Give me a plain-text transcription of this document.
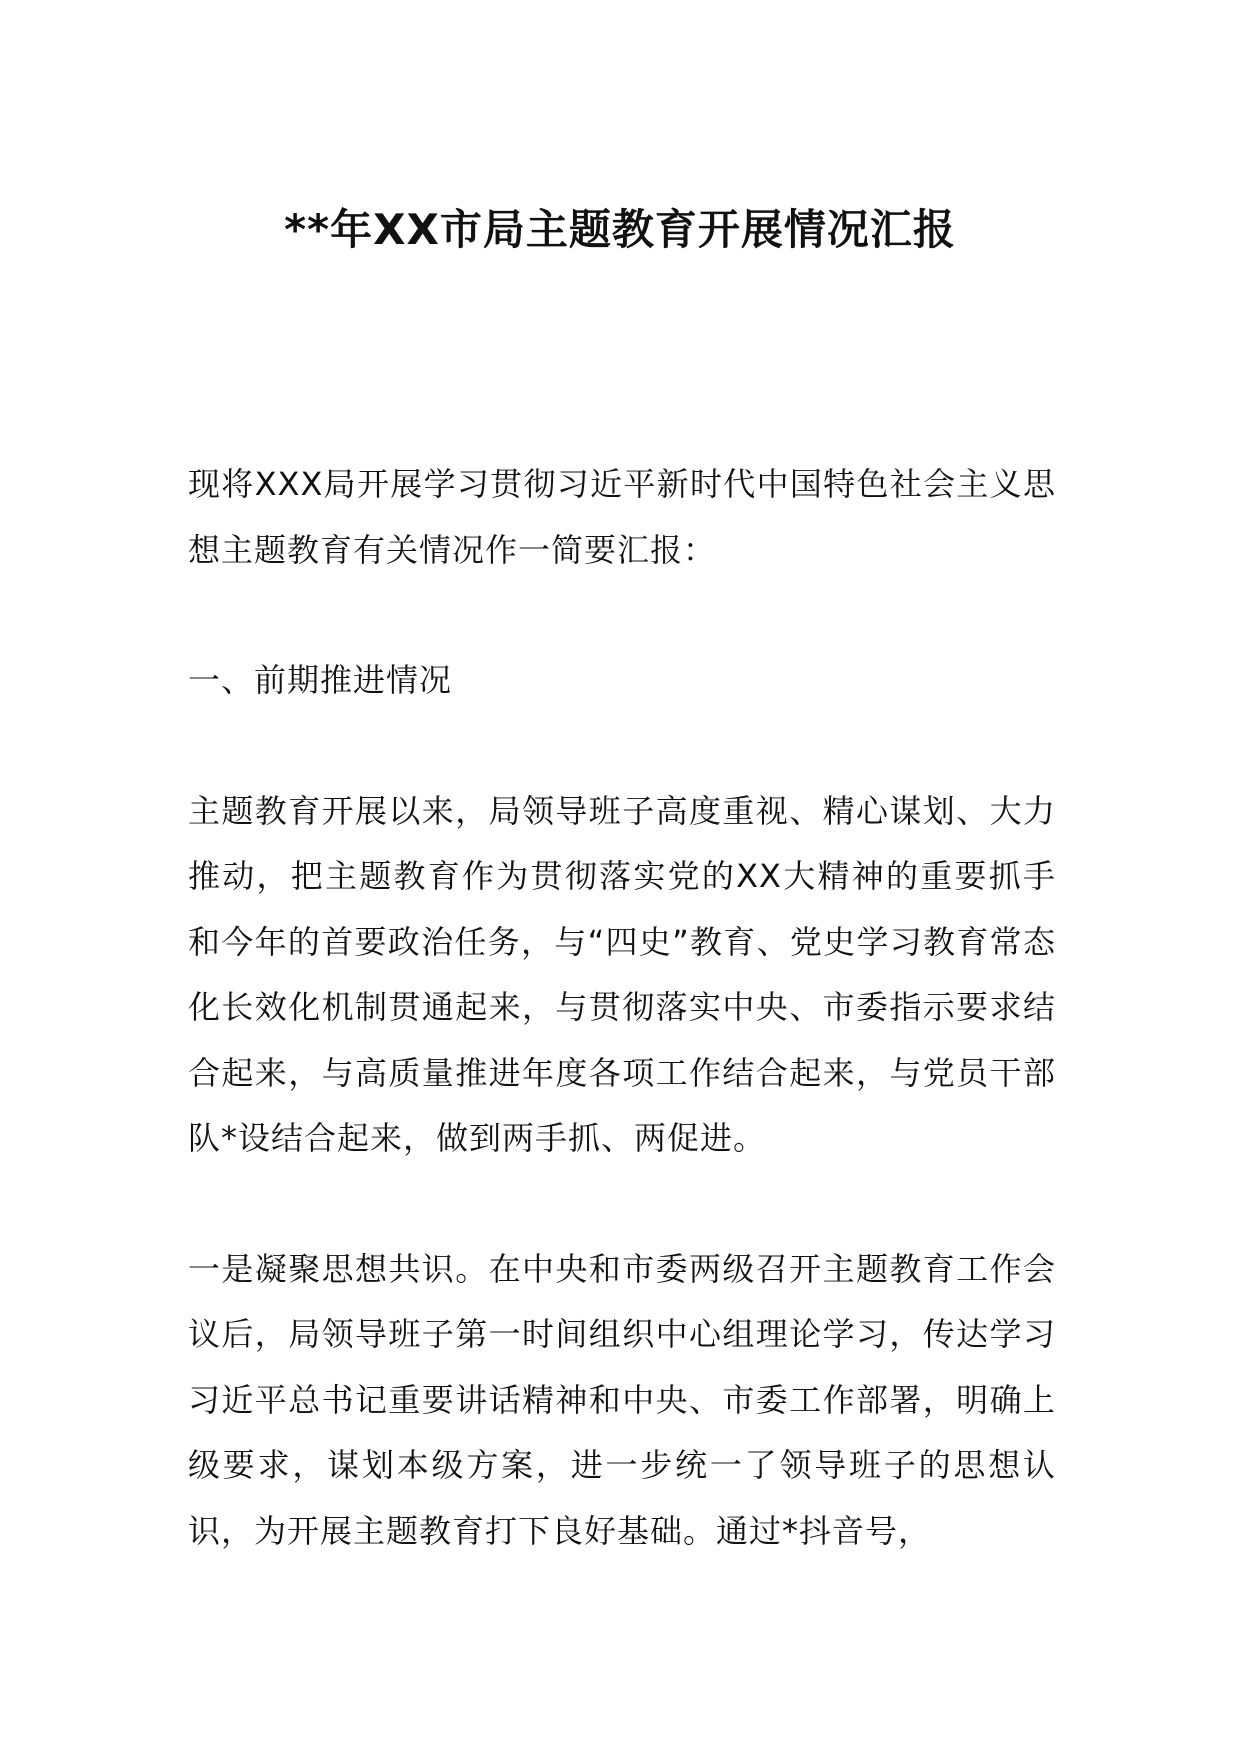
**年XX市局主题教育开展情况汇报

现将XXX局开展学习贯彻习近平新时代中国特色社会主义思想主题教育有关情况作一简要汇报：

一、前期推进情况

主题教育开展以来，局领导班子高度重视、精心谋划、大力推动，把主题教育作为贯彻落实党的XX大精神的重要抓手和今年的首要政治任务，与“四史”教育、党史学习教育常态化长效化机制贯通起来，与贯彻落实中央、市委指示要求结合起来，与高质量推进年度各项工作结合起来，与党员干部队*设结合起来，做到两手抓、两促进。

一是凝聚思想共识。在中央和市委两级召开主题教育工作会议后，局领导班子第一时间组织中心组理论学习，传达学习习近平总书记重要讲话精神和中央、市委工作部署，明确上级要求，谋划本级方案，进一步统一了领导班子的思想认识，为开展主题教育打下良好基础。通过*抖音号，
